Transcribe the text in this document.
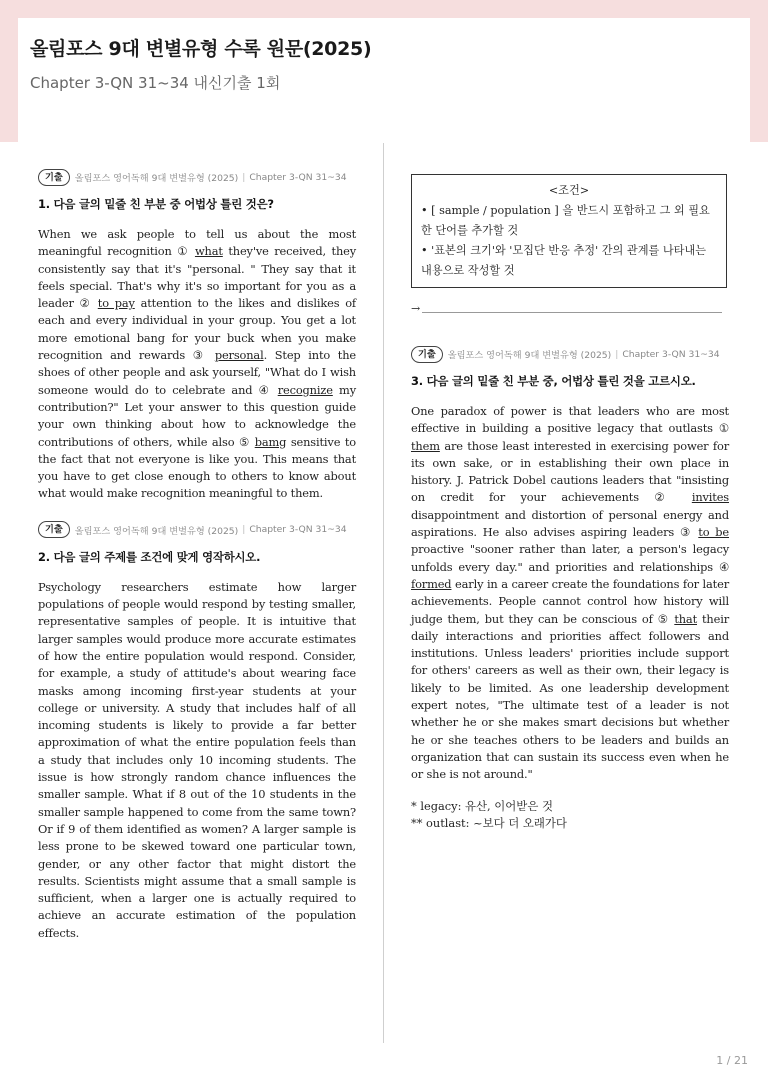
올림포스 9대 변별유형 수록 원문(2025)
Chapter 3-QN 31~34 내신기출 1회
기출	올림포스 영어독해 9대 변별유형 (2025) | Chapter 3-QN 31~34
1. 다음 글의 밑줄 친 부분 중 어법상 틀린 것은?

When we ask people to tell us about the most meaningful recognition ① what they've received, they consistently say that it's "personal. " They say that it feels special. That's why it's so important for you as a leader ② to pay attention to the likes and dislikes of each and every individual in your group. You get a lot more emotional bang for your buck when you make recognition and rewards ③ personal. Step into the shoes of other people and ask yourself, "What do I wish someone would do to celebrate and ④ recognize my contribution?" Let your answer to this question guide your own thinking about how to acknowledge the contributions of others, while also ⑤ bamg sensitive to the fact that not everyone is like you. This means that you have to get close enough to others to know about what would make recognition meaningful to them.

기출	올림포스 영어독해 9대 변별유형 (2025) | Chapter 3-QN 31~34
2. 다음 글의 주제를 조건에 맞게 영작하시오.

Psychology researchers estimate how larger populations of people would respond by testing smaller, representative samples of people. It is intuitive that larger samples would produce more accurate estimates of how the entire population would respond. Consider, for example, a study of attitude's about wearing face masks among incoming first-year students at your college or university. A study that includes half of all incoming students is likely to provide a far better approximation of what the entire population feels than a study that includes only 10 incoming students. The issue is how strongly random chance influences the smaller sample. What if 8 out of the 10 students in the smaller sample happened to come from the same town? Or if 9 of them identified as women? A larger sample is less prone to be skewed toward one particular town, gender, or any other factor that might distort the results. Scientists might assume that a small sample is sufficient, when a larger one is actually required to achieve an accurate estimation of the population effects.

<조건>
• [ sample / population ] 을 반드시 포함하고 그 외 필요한 단어를 추가할 것
• '표본의 크기'와 '모집단 반응 추정' 간의 관계를 나타내는 내용으로 작성할 것
→
기출	올림포스 영어독해 9대 변별유형 (2025) | Chapter 3-QN 31~34
3. 다음 글의 밑줄 친 부분 중, 어법상 틀린 것을 고르시오.

One paradox of power is that leaders who are most effective in building a positive legacy that outlasts ① them are those least interested in exercising power for its own sake, or in establishing their own place in history. J. Patrick Dobel cautions leaders that "insisting on credit for your achievements ② invites disappointment and distortion of personal energy and aspirations. He also advises aspiring leaders ③ to be proactive "sooner rather than later, a person's legacy unfolds every day." and priorities and relationships ④ formed early in a career create the foundations for later achievements. People cannot control how history will judge them, but they can be conscious of ⑤ that their daily interactions and priorities affect followers and institutions. Unless leaders' priorities include support for others' careers as well as their own, their legacy is likely to be limited. As one leadership development expert notes, "The ultimate test of a leader is not whether he or she makes smart decisions but whether he or she teaches others to be leaders and builds an organization that can sustain its success even when he or she is not around."

* legacy: 유산, 이어받은 것

** outlast: ~보다 더 오래가다

1 / 21
